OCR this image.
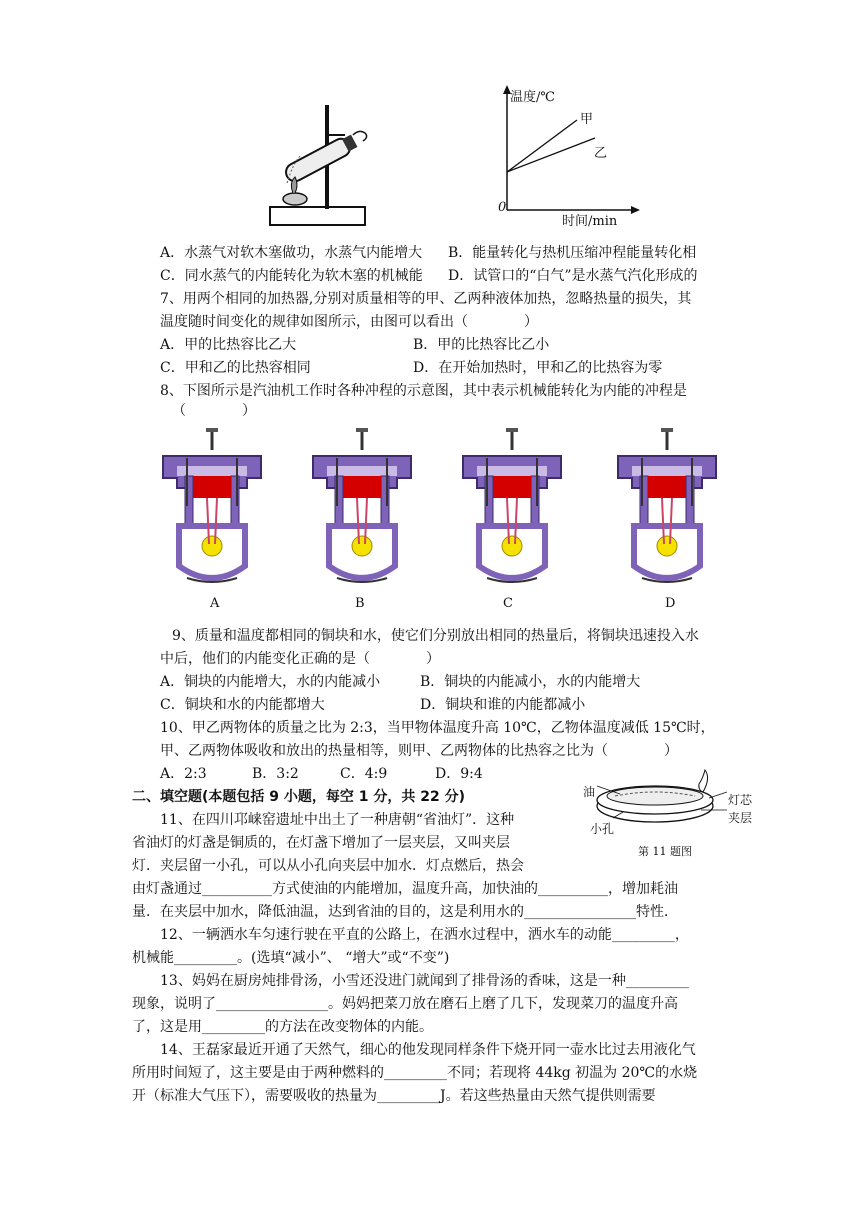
温度/℃
甲
乙
0
时间/min
A．水蒸气对软木塞做功，水蒸气内能增大 B．能量转化与热机压缩冲程能量转化相
C．同水蒸气的内能转化为软木塞的机械能 D．试管口的“白气”是水蒸气汽化形成的
7、用两个相同的加热器,分别对质量相等的甲、乙两种液体加热，忽略热量的损失，其
温度随时间变化的规律如图所示，由图可以看出（　　　　）
A．甲的比热容比乙大	B．甲的比热容比乙小
C．甲和乙的比热容相同	D．在开始加热时，甲和乙的比热容为零
8、下图所示是汽油机工作时各种冲程的示意图，其中表示机械能转化为内能的冲程是
（　　　　）
A	B	C	D
9、质量和温度都相同的铜块和水，使它们分别放出相同的热量后，将铜块迅速投入水
中后，他们的内能变化正确的是（　　　　）
A．铜块的内能增大，水的内能减小	B．铜块的内能减小，水的内能增大
C．铜块和水的内能都增大	D．铜块和谁的内能都减小
10、甲乙两物体的质量之比为 2:3，当甲物体温度升高 10℃，乙物体温度减低 15℃时，
甲、乙两物体吸收和放出的热量相等，则甲、乙两物体的比热容之比为（　　　　）
A．2:3	B．3:2	C．4:9	D．9:4
二、填空题(本题包括 9 小题，每空 1 分，共 22 分)	油
灯芯
夹层
小孔
第 11 题图
11、在四川邛崃窑遗址中出土了一种唐朝“省油灯”．这种
省油灯的灯盏是铜质的，在灯盏下增加了一层夹层，又叫夹层
灯．夹层留一小孔，可以从小孔向夹层中加水．灯点燃后，热会
由灯盏通过__________方式使油的内能增加，温度升高，加快油的__________，增加耗油
量．在夹层中加水，降低油温，达到省油的目的，这是利用水的________________特性．
12、一辆洒水车匀速行驶在平直的公路上，在洒水过程中，洒水车的动能_________，
机械能_________。(选填“减小”、 “增大”或“不变”)
13、妈妈在厨房炖排骨汤，小雪还没进门就闻到了排骨汤的香味，这是一种_________
现象，说明了________________。妈妈把菜刀放在磨石上磨了几下，发现菜刀的温度升高
了，这是用_________的方法在改变物体的内能。
14、王磊家最近开通了天然气，细心的他发现同样条件下烧开同一壶水比过去用液化气
所用时间短了，这主要是由于两种燃料的_________不同；若现将 44kg 初温为 20℃的水烧
开（标准大气压下），需要吸收的热量为_________J。若这些热量由天然气提供则需要
